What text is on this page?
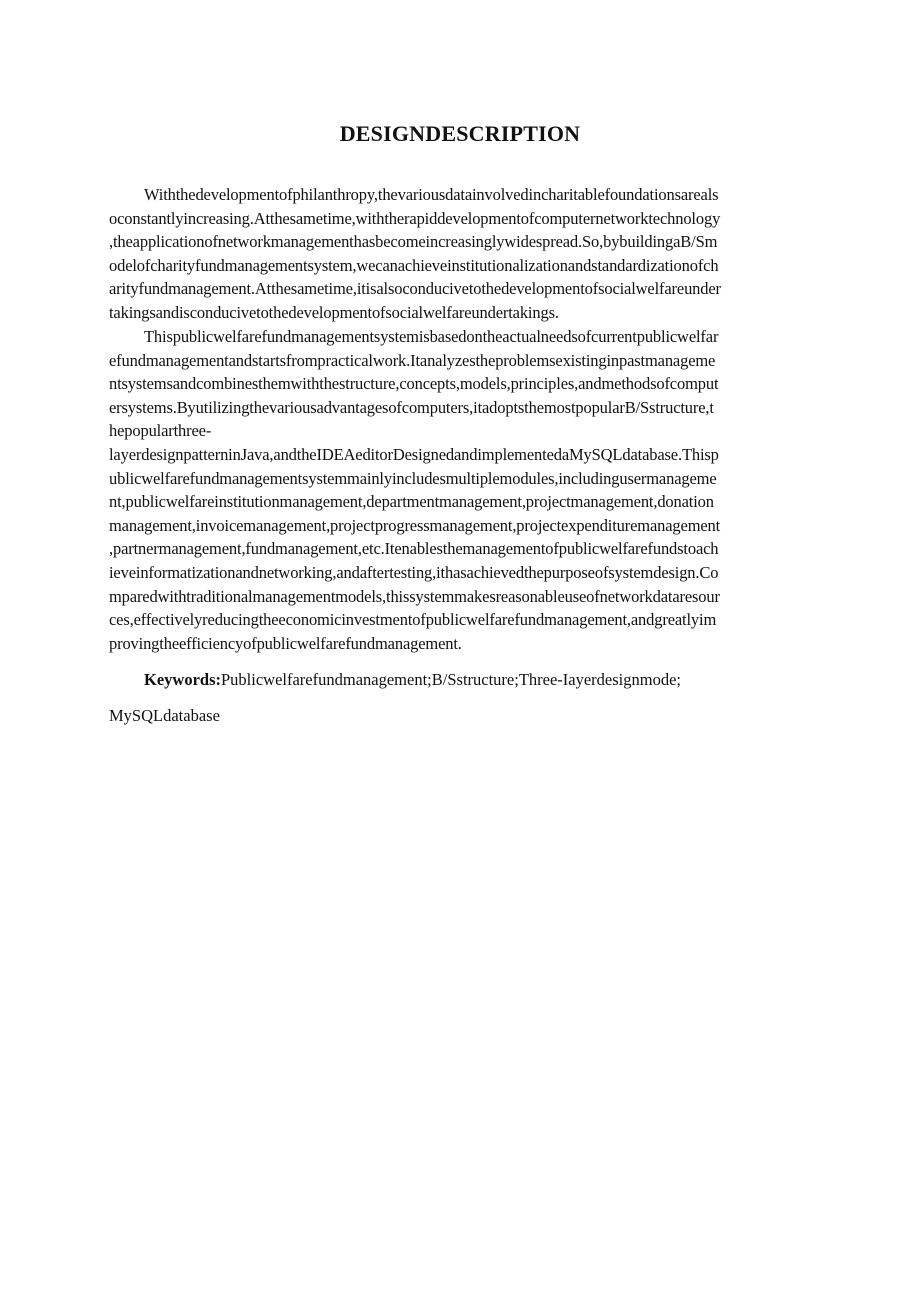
DESIGNDESCRIPTION
Withthedevelopmentofphilanthropy,thevariousdatainvolvedincharitablefoundationsareals
oconstantlyincreasing.Atthesametime,withtherapiddevelopmentofcomputernetworktechnology
,theapplicationofnetworkmanagementhasbecomeincreasinglywidespread.So,bybuildingaB/Sm
odelofcharityfundmanagementsystem,wecanachieveinstitutionalizationandstandardizationofch
arityfundmanagement.Atthesametime,itisalsoconducivetothedevelopmentofsocialwelfareunder
takingsandisconducivetothedevelopmentofsocialwelfareundertakings.
Thispublicwelfarefundmanagementsystemisbasedontheactualneedsofcurrentpublicwelfar
efundmanagementandstartsfrompracticalwork.Itanalyzestheproblemsexistinginpastmanageme
ntsystemsandcombinesthemwiththestructure,concepts,models,principles,andmethodsofcomput
ersystems.Byutilizingthevariousadvantagesofcomputers,itadoptsthemostpopularB/Sstructure,t
hepopularthree-
layerdesignpatterninJava,andtheIDEAeditorDesignedandimplementedaMySQLdatabase.Thisp
ublicwelfarefundmanagementsystemmainlyincludesmultiplemodules,includingusermanageme
nt,publicwelfareinstitutionmanagement,departmentmanagement,projectmanagement,donation
management,invoicemanagement,projectprogressmanagement,projectexpendituremanagement
,partnermanagement,fundmanagement,etc.Itenablesthemanagementofpublicwelfarefundstoach
ieveinformatizationandnetworking,andaftertesting,ithasachievedthepurposeofsystemdesign.Co
mparedwithtraditionalmanagementmodels,thissystemmakesreasonableuseofnetworkdataresour
ces,effectivelyreducingtheeconomicinvestmentofpublicwelfarefundmanagement,andgreatlyim
provingtheefficiencyofpublicwelfarefundmanagement.
Keywords:Publicwelfarefundmanagement;B/Sstructure;Three-Iayerdesignmode;
MySQLdatabase
